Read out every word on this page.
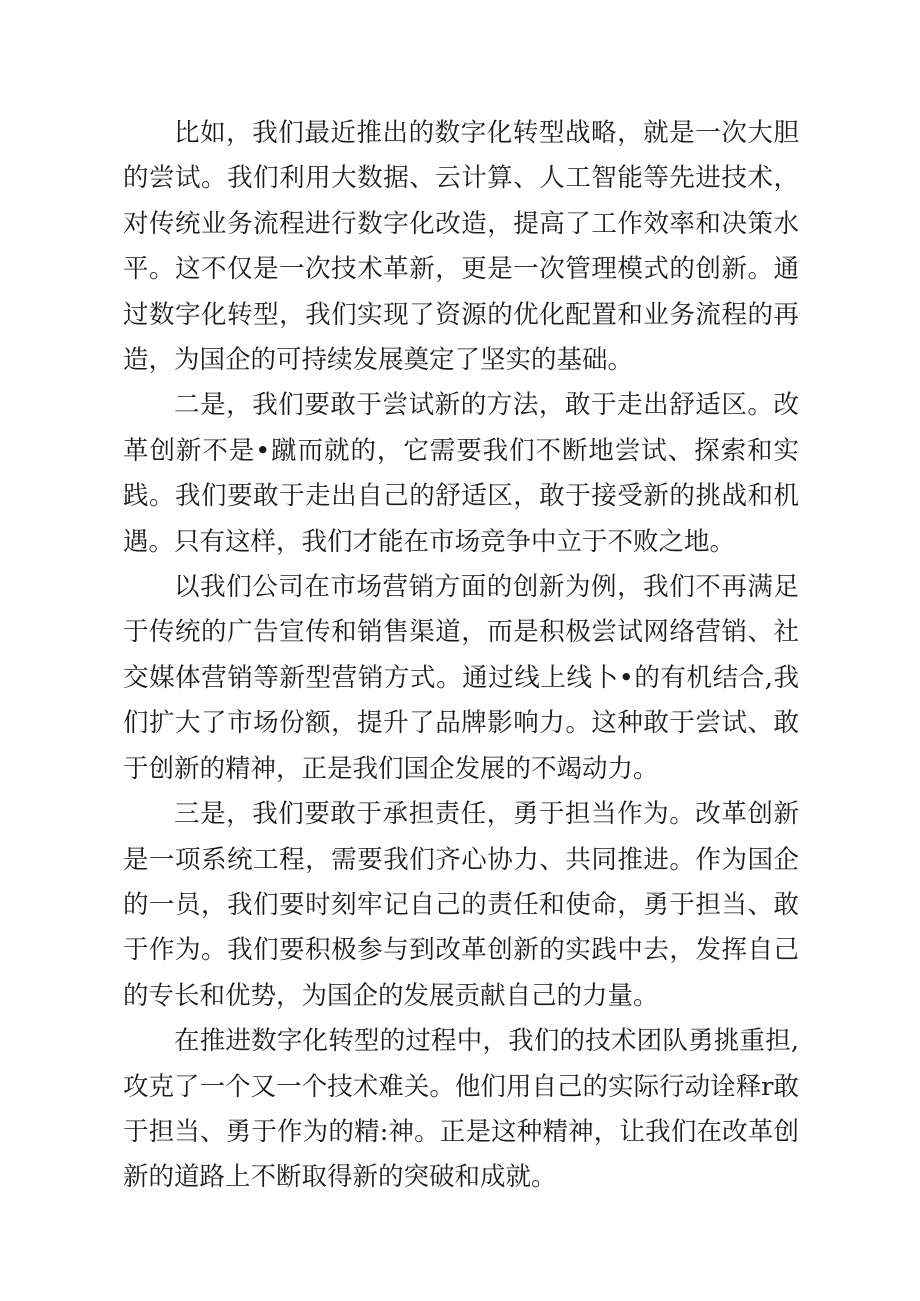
比如，我们最近推出的数字化转型战略，就是一次大胆的尝试。我们利用大数据、云计算、人工智能等先进技术，对传统业务流程进行数字化改造，提高了工作效率和决策水平。这不仅是一次技术革新，更是一次管理模式的创新。通过数字化转型，我们实现了资源的优化配置和业务流程的再造，为国企的可持续发展奠定了坚实的基础。

二是，我们要敢于尝试新的方法，敢于走出舒适区。改革创新不是•蹴而就的，它需要我们不断地尝试、探索和实践。我们要敢于走出自己的舒适区，敢于接受新的挑战和机遇。只有这样，我们才能在市场竞争中立于不败之地。

以我们公司在市场营销方面的创新为例，我们不再满足于传统的广告宣传和销售渠道，而是积极尝试网络营销、社交媒体营销等新型营销方式。通过线上线卜•的有机结合,我们扩大了市场份额，提升了品牌影响力。这种敢于尝试、敢于创新的精神，正是我们国企发展的不竭动力。

三是，我们要敢于承担责任，勇于担当作为。改革创新是一项系统工程，需要我们齐心协力、共同推进。作为国企的一员，我们要时刻牢记自己的责任和使命，勇于担当、敢于作为。我们要积极参与到改革创新的实践中去，发挥自己的专长和优势，为国企的发展贡献自己的力量。

在推进数字化转型的过程中，我们的技术团队勇挑重担,攻克了一个又一个技术难关。他们用自己的实际行动诠释r敢于担当、勇于作为的精:神。正是这种精神，让我们在改革创新的道路上不断取得新的突破和成就。
